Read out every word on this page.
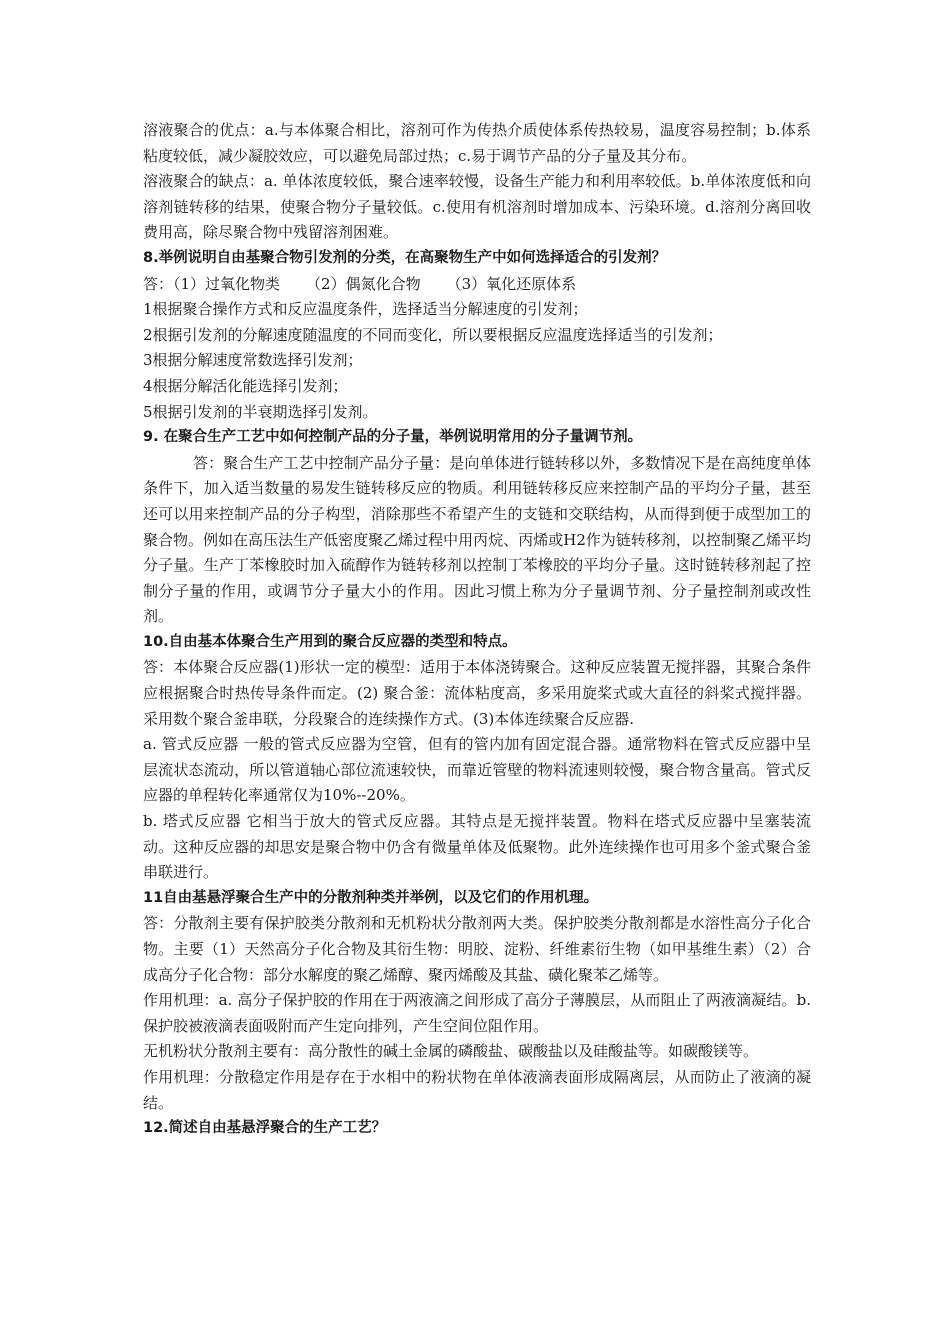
溶液聚合的优点：a.与本体聚合相比，溶剂可作为传热介质使体系传热较易，温度容易控制；b.体系粘度较低，减少凝胶效应，可以避免局部过热；c.易于调节产品的分子量及其分布。

溶液聚合的缺点：a. 单体浓度较低，聚合速率较慢，设备生产能力和利用率较低。b.单体浓度低和向溶剂链转移的结果，使聚合物分子量较低。c.使用有机溶剂时增加成本、污染环境。d.溶剂分离回收费用高，除尽聚合物中残留溶剂困难。

8.举例说明自由基聚合物引发剂的分类，在高聚物生产中如何选择适合的引发剂？

答：（1）过氧化物类 （2）偶氮化合物 （3）氧化还原体系

1根据聚合操作方式和反应温度条件，选择适当分解速度的引发剂；

2根据引发剂的分解速度随温度的不同而变化，所以要根据反应温度选择适当的引发剂；

3根据分解速度常数选择引发剂；

4根据分解活化能选择引发剂；

5根据引发剂的半衰期选择引发剂。

9. 在聚合生产工艺中如何控制产品的分子量，举例说明常用的分子量调节剂。

答：聚合生产工艺中控制产品分子量：是向单体进行链转移以外，多数情况下是在高纯度单体条件下，加入适当数量的易发生链转移反应的物质。利用链转移反应来控制产品的平均分子量，甚至还可以用来控制产品的分子构型，消除那些不希望产生的支链和交联结构，从而得到便于成型加工的聚合物。例如在高压法生产低密度聚乙烯过程中用丙烷、丙烯或H2作为链转移剂，以控制聚乙烯平均分子量。生产丁苯橡胶时加入硫醇作为链转移剂以控制丁苯橡胶的平均分子量。这时链转移剂起了控制分子量的作用，或调节分子量大小的作用。因此习惯上称为分子量调节剂、分子量控制剂或改性剂。

10.自由基本体聚合生产用到的聚合反应器的类型和特点。

答：本体聚合反应器(1)形状一定的模型：适用于本体浇铸聚合。这种反应装置无搅拌器，其聚合条件应根据聚合时热传导条件而定。(2) 聚合釜：流体粘度高，多采用旋桨式或大直径的斜桨式搅拌器。采用数个聚合釜串联，分段聚合的连续操作方式。(3)本体连续聚合反应器.

a. 管式反应器 一般的管式反应器为空管，但有的管内加有固定混合器。通常物料在管式反应器中呈层流状态流动，所以管道轴心部位流速较快，而靠近管壁的物料流速则较慢，聚合物含量高。管式反应器的单程转化率通常仅为10%--20%。

b. 塔式反应器 它相当于放大的管式反应器。其特点是无搅拌装置。物料在塔式反应器中呈塞装流动。这种反应器的却思安是聚合物中仍含有微量单体及低聚物。此外连续操作也可用多个釜式聚合釜串联进行。

11自由基悬浮聚合生产中的分散剂种类并举例，以及它们的作用机理。

答：分散剂主要有保护胶类分散剂和无机粉状分散剂两大类。保护胶类分散剂都是水溶性高分子化合物。主要（1）天然高分子化合物及其衍生物：明胶、淀粉、纤维素衍生物（如甲基维生素）（2）合成高分子化合物：部分水解度的聚乙烯醇、聚丙烯酸及其盐、磺化聚苯乙烯等。

作用机理：a. 高分子保护胶的作用在于两液滴之间形成了高分子薄膜层，从而阻止了两液滴凝结。b. 保护胶被液滴表面吸附而产生定向排列，产生空间位阻作用。

无机粉状分散剂主要有：高分散性的碱土金属的磷酸盐、碳酸盐以及硅酸盐等。如碳酸镁等。

作用机理：分散稳定作用是存在于水相中的粉状物在单体液滴表面形成隔离层，从而防止了液滴的凝结。

12.简述自由基悬浮聚合的生产工艺？
